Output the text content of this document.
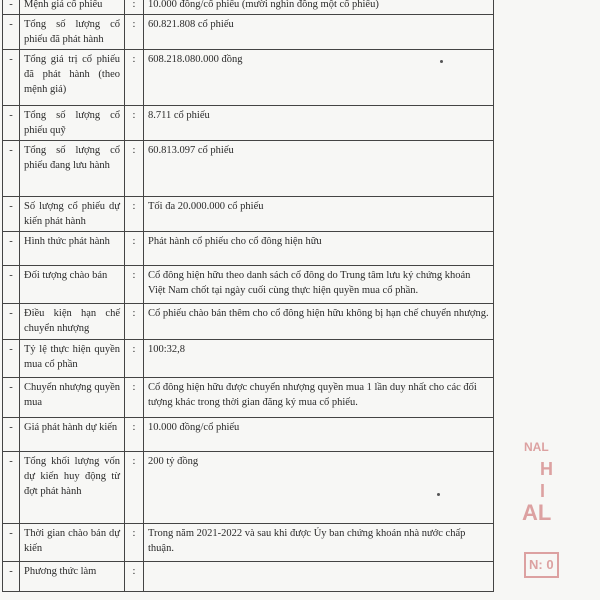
-	Mệnh giá cổ phiếu	:	10.000 đồng/cổ phiếu (mười nghìn đồng một cổ phiếu)
-	Tổng số lượng cổ phiếu đã phát hành	:	60.821.808 cổ phiếu
-	Tổng giá trị cổ phiếu đã phát hành (theo mệnh giá)	:	608.218.080.000 đồng
-	Tổng số lượng cổ phiếu quỹ	:	8.711 cổ phiếu
-	Tổng số lượng cổ phiếu đang lưu hành	:	60.813.097 cổ phiếu
-	Số lượng cổ phiếu dự kiến phát hành	:	Tối đa 20.000.000 cổ phiếu
-	Hình thức phát hành	:	Phát hành cổ phiếu cho cổ đông hiện hữu
-	Đối tượng chào bán	:	Cổ đông hiện hữu theo danh sách cổ đông do Trung tâm lưu ký chứng khoán Việt Nam chốt tại ngày cuối cùng thực hiện quyền mua cổ phần.
-	Điều kiện hạn chế chuyển nhượng	:	Cổ phiếu chào bán thêm cho cổ đông hiện hữu không bị hạn chế chuyển nhượng.
-	Tỷ lệ thực hiện quyền mua cổ phần	:	100:32,8
-	Chuyển nhượng quyền mua	:	Cổ đông hiện hữu được chuyển nhượng quyền mua 1 lần duy nhất cho các đối tượng khác trong thời gian đăng ký mua cổ phiếu.
-	Giá phát hành dự kiến	:	10.000 đồng/cổ phiếu
-	Tổng khối lượng vốn dự kiến huy động từ đợt phát hành	:	200 tỷ đồng
-	Thời gian chào bán dự kiến	:	Trong năm 2021-2022 và sau khi được Ủy ban chứng khoán nhà nước chấp thuận.
-	Phương thức làm	:	
NAL
H
I
AL
N: 0
